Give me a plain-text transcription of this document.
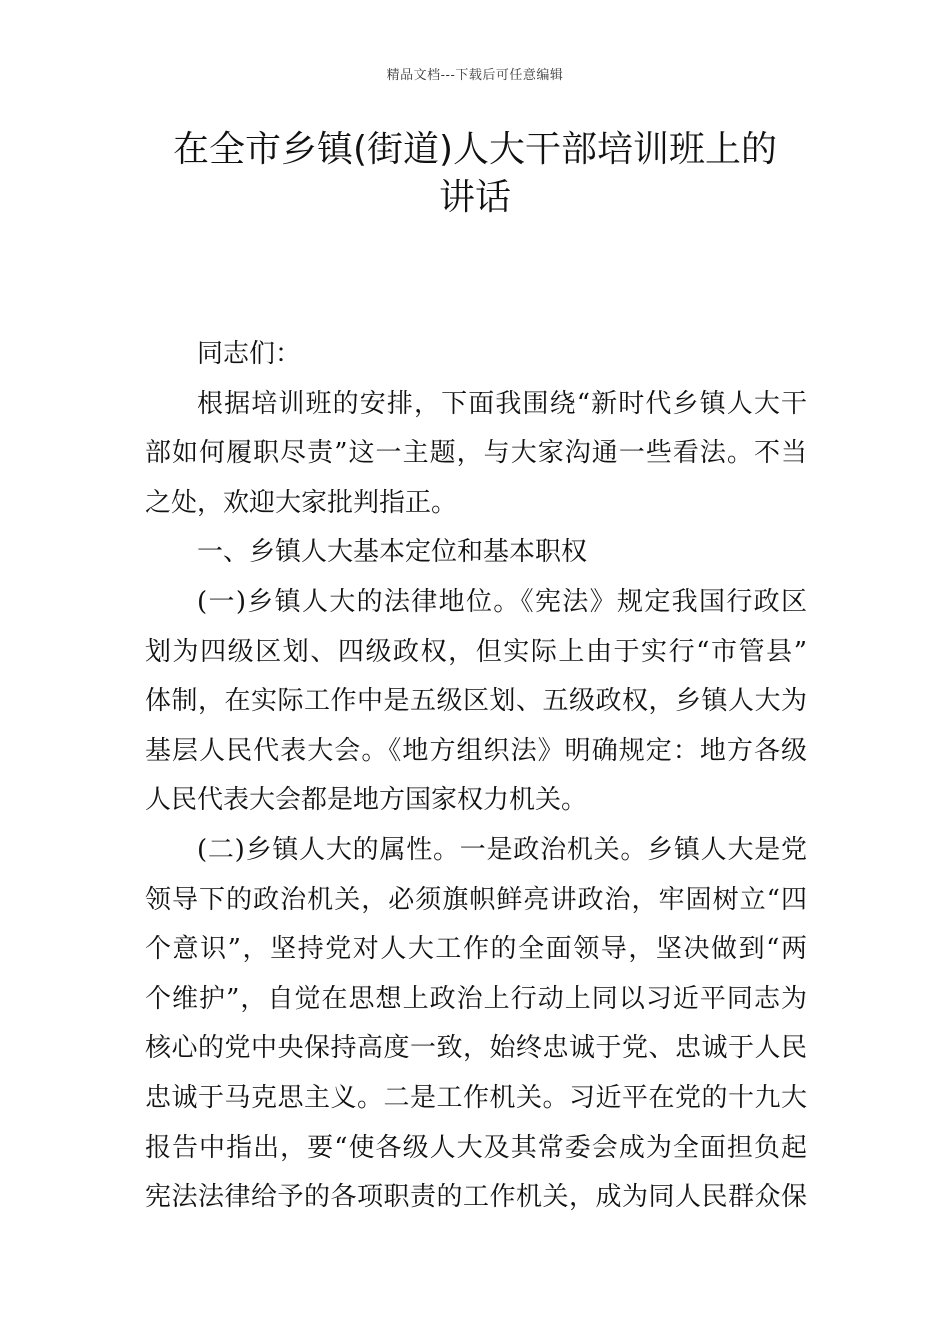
精品文档---下载后可任意编辑
在全市乡镇(街道)人大干部培训班上的
讲话
同志们：
根据培训班的安排，下面我围绕“新时代乡镇人大干
部如何履职尽责”这一主题，与大家沟通一些看法。不当
之处，欢迎大家批判指正。
一、乡镇人大基本定位和基本职权
(一)乡镇人大的法律地位。《宪法》规定我国行政区
划为四级区划、四级政权，但实际上由于实行“市管县”
体制，在实际工作中是五级区划、五级政权，乡镇人大为
基层人民代表大会。《地方组织法》明确规定：地方各级
人民代表大会都是地方国家权力机关。
(二)乡镇人大的属性。一是政治机关。乡镇人大是党
领导下的政治机关，必须旗帜鲜亮讲政治，牢固树立“四
个意识”，坚持党对人大工作的全面领导，坚决做到“两
个维护”，自觉在思想上政治上行动上同以习近平同志为
核心的党中央保持高度一致，始终忠诚于党、忠诚于人民
忠诚于马克思主义。二是工作机关。习近平在党的十九大
报告中指出，要“使各级人大及其常委会成为全面担负起
宪法法律给予的各项职责的工作机关，成为同人民群众保
